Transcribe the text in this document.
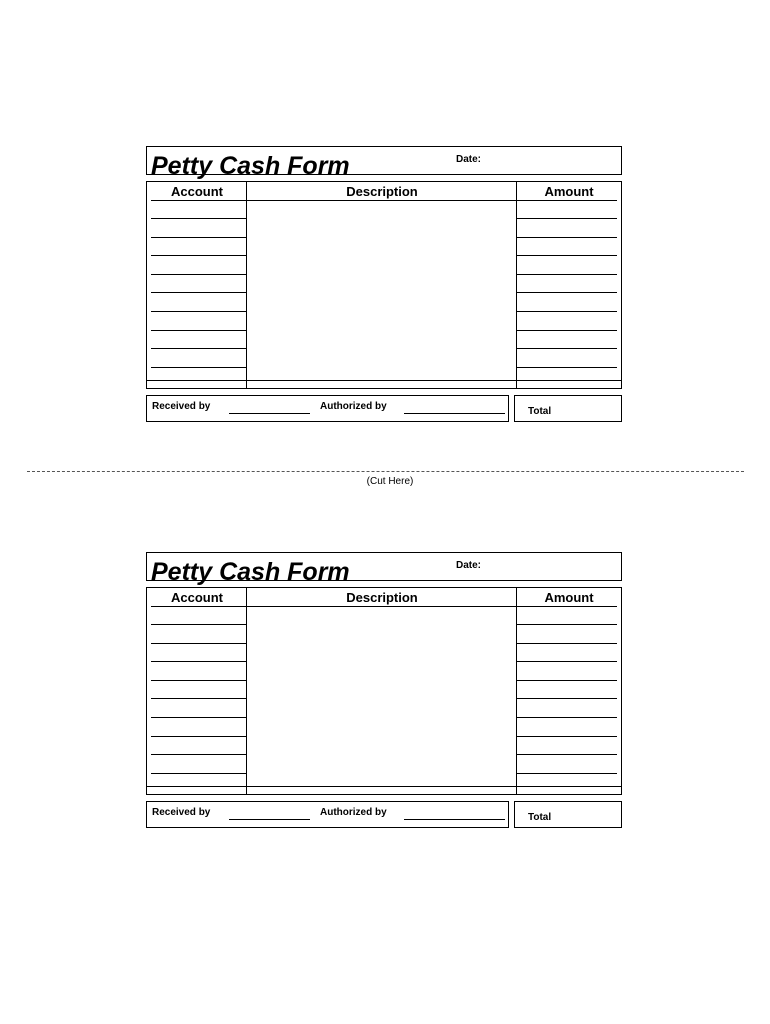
Petty Cash Form	Date:
Account	Description	Amount
Received by	Authorized by	Total
(Cut Here)
Petty Cash Form	Date:
Account	Description	Amount
Received by	Authorized by	Total
